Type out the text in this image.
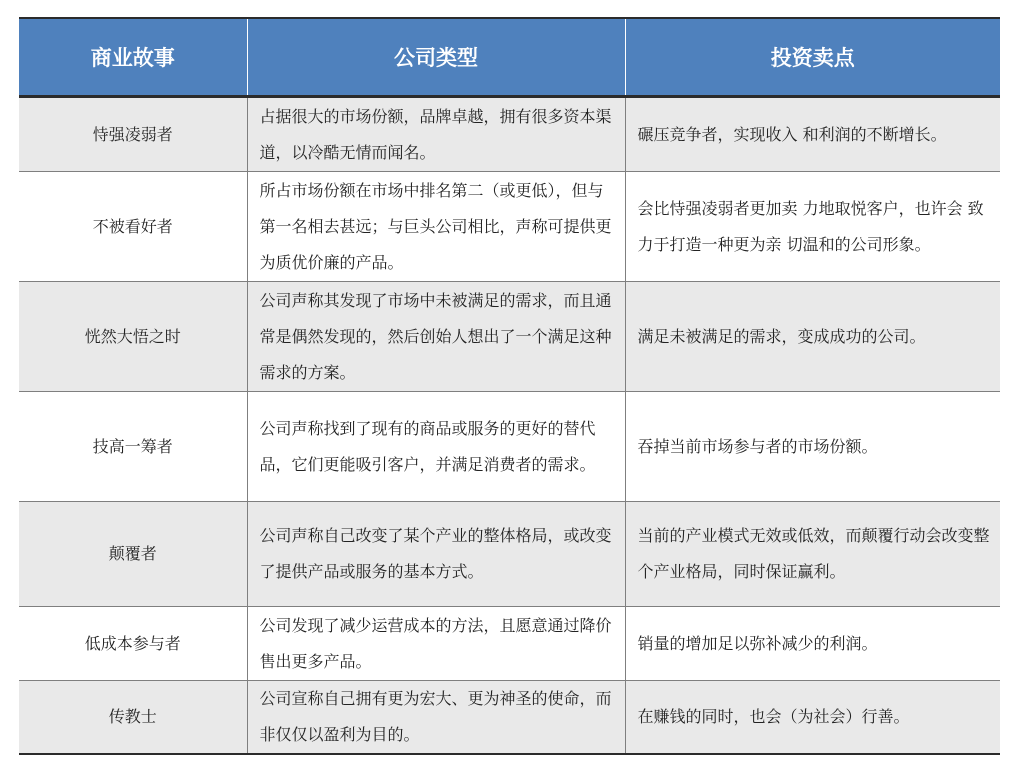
商业故事	公司类型	投资卖点
恃强凌弱者	占据很大的市场份额，品牌卓越，拥有很多资本渠道，以冷酷无情而闻名。	碾压竞争者，实现收入 和利润的不断增长。
不被看好者	所占市场份额在市场中排名第二（或更低），但与第一名相去甚远；与巨头公司相比，声称可提供更为质优价廉的产品。	会比恃强凌弱者更加卖 力地取悦客户，也许会 致力于打造一种更为亲 切温和的公司形象。
恍然大悟之时	公司声称其发现了市场中未被满足的需求，而且通常是偶然发现的，然后创始人想出了一个满足这种需求的方案。	满足未被满足的需求，变成成功的公司。
技高一筹者	公司声称找到了现有的商品或服务的更好的替代品，它们更能吸引客户，并满足消费者的需求。	吞掉当前市场参与者的市场份额。
颠覆者	公司声称自己改变了某个产业的整体格局，或改变了提供产品或服务的基本方式。	当前的产业模式无效或低效，而颠覆行动会改变整个产业格局，同时保证赢利。
低成本参与者	公司发现了减少运营成本的方法，且愿意通过降价售出更多产品。	销量的增加足以弥补减少的利润。
传教士	公司宣称自己拥有更为宏大、更为神圣的使命，而非仅仅以盈利为目的。	在赚钱的同时，也会（为社会）行善。
